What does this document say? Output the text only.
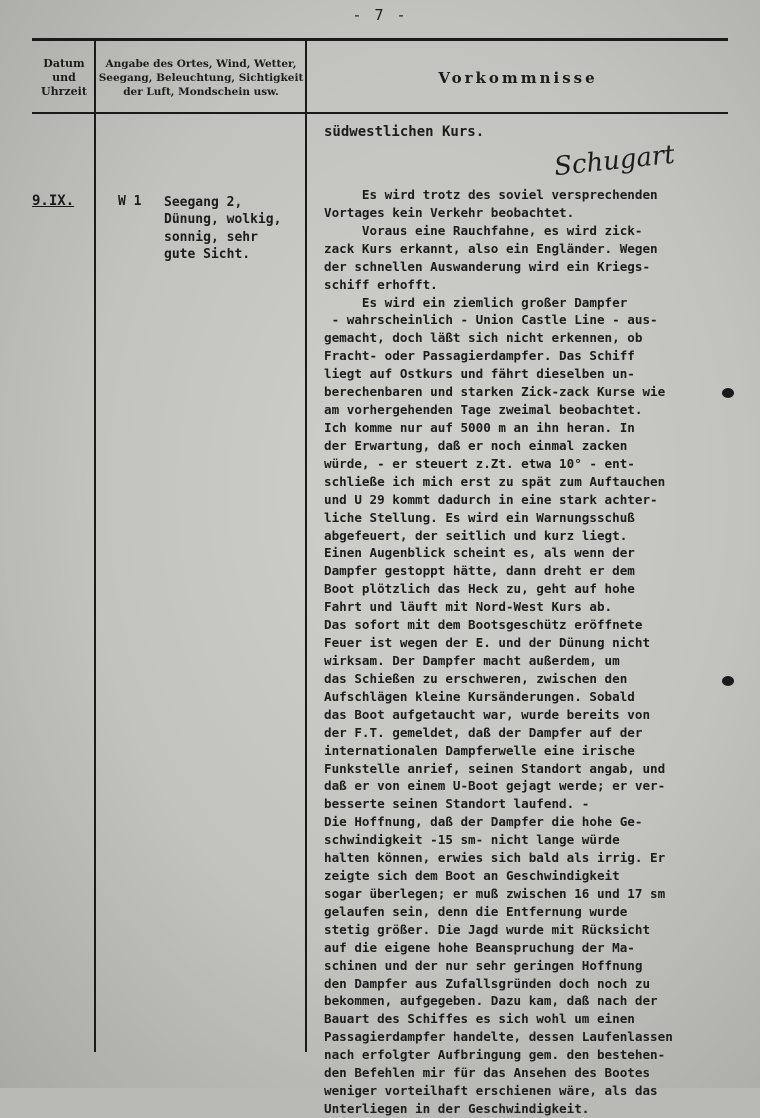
- 7 -
Datum und Uhrzeit
Angabe des Ortes, Wind, Wetter, Seegang, Beleuchtung, Sichtigkeit der Luft, Mondschein usw.
Vorkommnisse
9.IX.	W 1 Seegang 2,
Dünung, wolkig,
sonnig, sehr
gute Sicht.
südwestlichen Kurs.
Schugart
Es wird trotz des soviel versprechenden
Vortages kein Verkehr beobachtet.
Voraus eine Rauchfahne, es wird zick-
zack Kurs erkannt, also ein Engländer. Wegen
der schnellen Auswanderung wird ein Kriegs-
schiff erhofft.
Es wird ein ziemlich großer Dampfer
- wahrscheinlich - Union Castle Line - aus-
gemacht, doch läßt sich nicht erkennen, ob
Fracht- oder Passagierdampfer. Das Schiff
liegt auf Ostkurs und fährt dieselben un-
berechenbaren und starken Zick-zack Kurse wie
am vorhergehenden Tage zweimal beobachtet.
Ich komme nur auf 5000 m an ihn heran. In
der Erwartung, daß er noch einmal zacken
würde, - er steuert z.Zt. etwa 10° - ent-
schließe ich mich erst zu spät zum Auftauchen
und U 29 kommt dadurch in eine stark achter-
liche Stellung. Es wird ein Warnungsschuß
abgefeuert, der seitlich und kurz liegt.
Einen Augenblick scheint es, als wenn der
Dampfer gestoppt hätte, dann dreht er dem
Boot plötzlich das Heck zu, geht auf hohe
Fahrt und läuft mit Nord-West Kurs ab.
Das sofort mit dem Bootsgeschütz eröffnete
Feuer ist wegen der E. und der Dünung nicht
wirksam. Der Dampfer macht außerdem, um
das Schießen zu erschweren, zwischen den
Aufschlägen kleine Kursänderungen. Sobald
das Boot aufgetaucht war, wurde bereits von
der F.T. gemeldet, daß der Dampfer auf der
internationalen Dampferwelle eine irische
Funkstelle anrief, seinen Standort angab, und
daß er von einem U-Boot gejagt werde; er ver-
besserte seinen Standort laufend. -
Die Hoffnung, daß der Dampfer die hohe Ge-
schwindigkeit -15 sm- nicht lange würde
halten können, erwies sich bald als irrig. Er
zeigte sich dem Boot an Geschwindigkeit
sogar überlegen; er muß zwischen 16 und 17 sm
gelaufen sein, denn die Entfernung wurde
stetig größer. Die Jagd wurde mit Rücksicht
auf die eigene hohe Beanspruchung der Ma-
schinen und der nur sehr geringen Hoffnung
den Dampfer aus Zufallsgründen doch noch zu
bekommen, aufgegeben. Dazu kam, daß nach der
Bauart des Schiffes es sich wohl um einen
Passagierdampfer handelte, dessen Laufenlassen
nach erfolgter Aufbringung gem. den bestehen-
den Befehlen mir für das Ansehen des Bootes
weniger vorteilhaft erschienen wäre, als das
Unterliegen in der Geschwindigkeit.
